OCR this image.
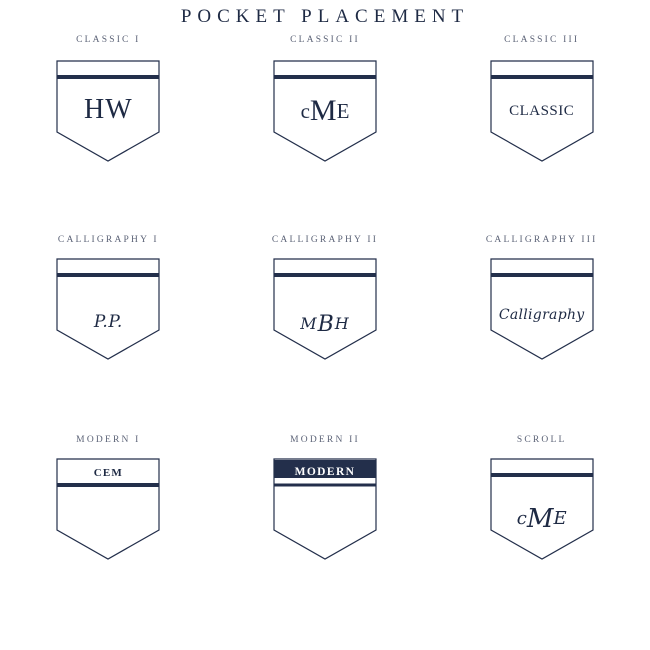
POCKET PLACEMENT
CLASSIC I
HW
CLASSIC II
cME
CLASSIC III
CLASSIC
CALLIGRAPHY I
P.P.
CALLIGRAPHY II
MBH
CALLIGRAPHY III
Calligraphy
MODERN I
CEM
MODERN II
MODERN
SCROLL
cME
